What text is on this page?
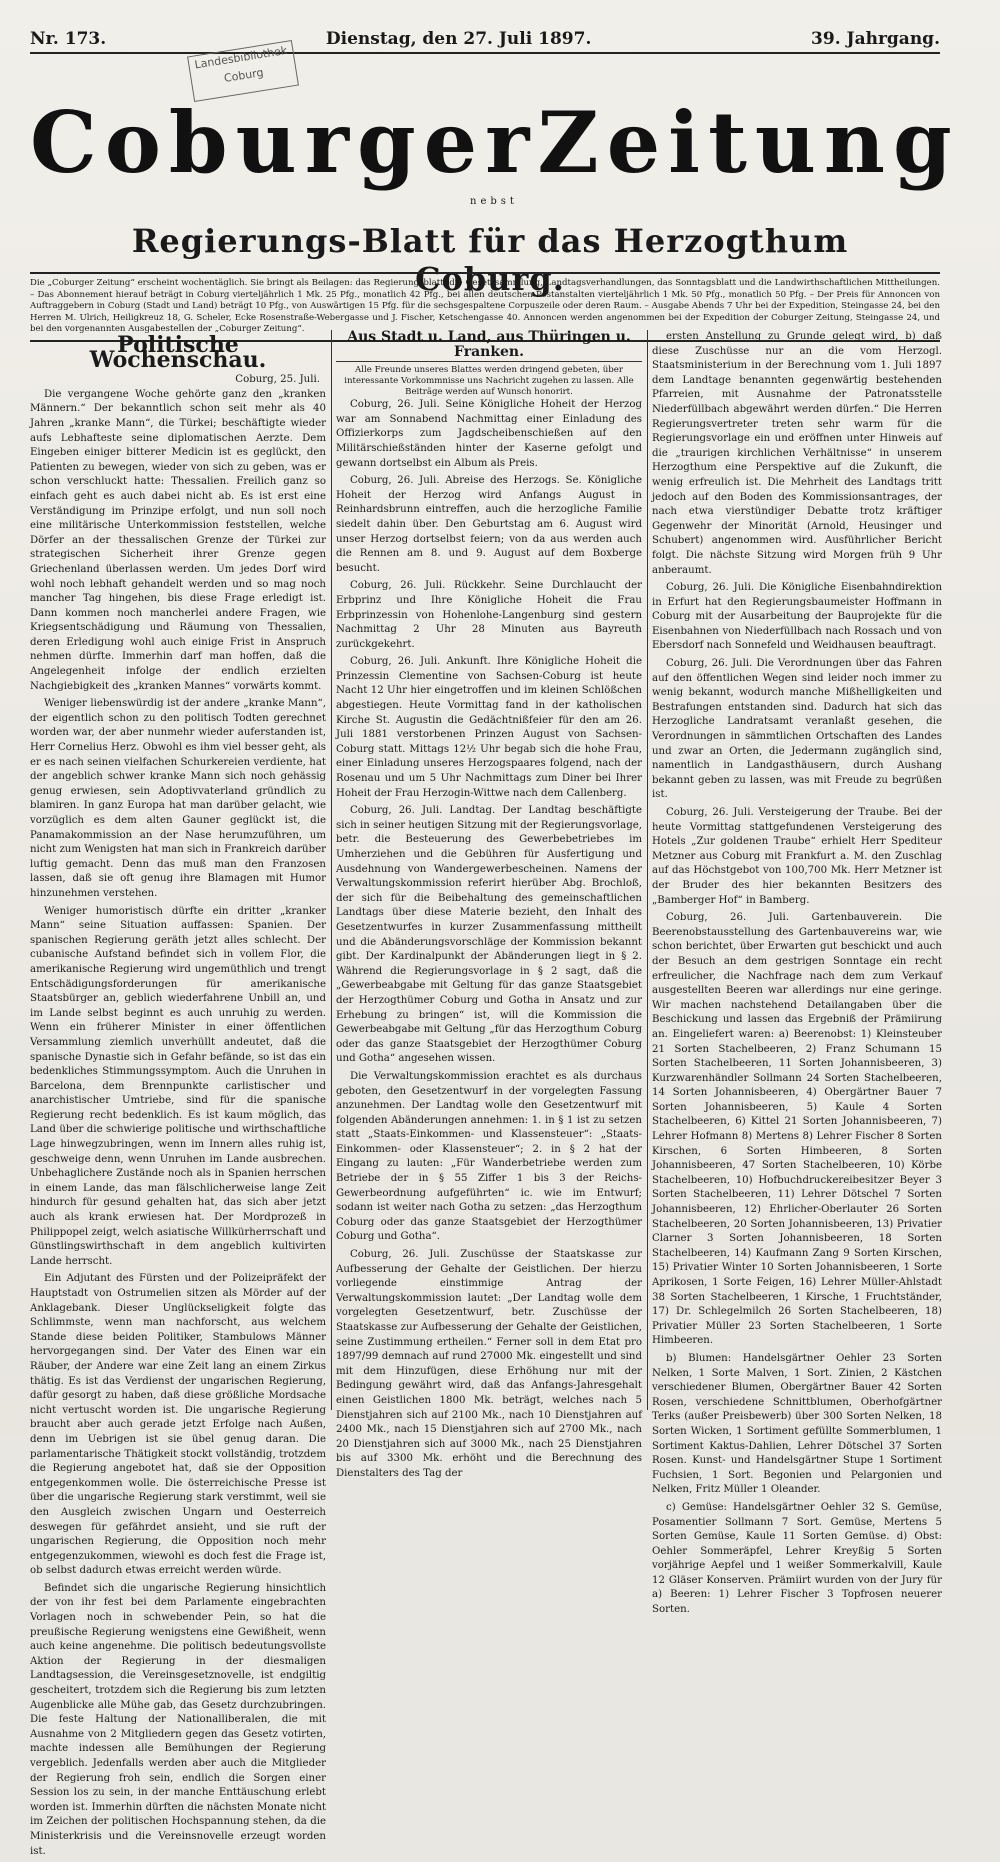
Nr. 173.	Dienstag, den 27. Juli 1897.	39. Jahrgang.
Landesbibliothek
Coburg
Coburger Zeitung
nebst
Regierungs-Blatt für das Herzogthum Coburg.
Die „Coburger Zeitung“ erscheint wochentäglich. Sie bringt als Beilagen: das Regierungsblatt, die Gesetzsammlung, Landtagsverhandlungen, das Sonntagsblatt und die Landwirthschaftlichen Mittheilungen. – Das Abonnement hierauf beträgt in Coburg vierteljährlich 1 Mk. 25 Pfg., monatlich 42 Pfg., bei allen deutschen Postanstalten vierteljährlich 1 Mk. 50 Pfg., monatlich 50 Pfg. – Der Preis für Annoncen von Auftraggebern in Coburg (Stadt und Land) beträgt 10 Pfg., von Auswärtigen 15 Pfg. für die sechsgespaltene Corpuszeile oder deren Raum. – Ausgabe Abends 7 Uhr bei der Expedition, Steingasse 24, bei den Herren M. Ulrich, Heiligkreuz 18, G. Scheler, Ecke Rosenstraße-Webergasse und J. Fischer, Ketschengasse 40. Annoncen werden angenommen bei der Expedition der Coburger Zeitung, Steingasse 24, und bei den vorgenannten Ausgabestellen der „Coburger Zeitung“.
Politische Wochenschau.
Coburg, 25. Juli.

Die vergangene Woche gehörte ganz den „kranken Männern.“ Der bekanntlich schon seit mehr als 40 Jahren „kranke Mann“, die Türkei; beschäftigte wieder aufs Lebhafteste seine diplomatischen Aerzte. Dem Eingeben einiger bitterer Medicin ist es geglückt, den Patienten zu bewegen, wieder von sich zu geben, was er schon verschluckt hatte: Thessalien. Freilich ganz so einfach geht es auch dabei nicht ab. Es ist erst eine Verständigung im Prinzipe erfolgt, und nun soll noch eine militärische Unterkommission feststellen, welche Dörfer an der thessalischen Grenze der Türkei zur strategischen Sicherheit ihrer Grenze gegen Griechenland überlassen werden. Um jedes Dorf wird wohl noch lebhaft gehandelt werden und so mag noch mancher Tag hingehen, bis diese Frage erledigt ist. Dann kommen noch mancherlei andere Fragen, wie Kriegsentschädigung und Räumung von Thessalien, deren Erledigung wohl auch einige Frist in Anspruch nehmen dürfte. Immerhin darf man hoffen, daß die Angelegenheit infolge der endlich erzielten Nachgiebigkeit des „kranken Mannes“ vorwärts kommt.

Weniger liebenswürdig ist der andere „kranke Mann“, der eigentlich schon zu den politisch Todten gerechnet worden war, der aber nunmehr wieder auferstanden ist, Herr Cornelius Herz. Obwohl es ihm viel besser geht, als er es nach seinen vielfachen Schurkereien verdiente, hat der angeblich schwer kranke Mann sich noch gehässig genug erwiesen, sein Adoptivvaterland gründlich zu blamiren. In ganz Europa hat man darüber gelacht, wie vorzüglich es dem alten Gauner geglückt ist, die Panamakommission an der Nase herumzuführen, um nicht zum Wenigsten hat man sich in Frankreich darüber luftig gemacht. Denn das muß man den Franzosen lassen, daß sie oft genug ihre Blamagen mit Humor hinzunehmen verstehen.

Weniger humoristisch dürfte ein dritter „kranker Mann“ seine Situation auffassen: Spanien. Der spanischen Regierung geräth jetzt alles schlecht. Der cubanische Aufstand befindet sich in vollem Flor, die amerikanische Regierung wird ungemüthlich und trengt Entschädigungsforderungen für amerikanische Staatsbürger an, geblich wiederfahrene Unbill an, und im Lande selbst beginnt es auch unruhig zu werden. Wenn ein früherer Minister in einer öffentlichen Versammlung ziemlich unverhüllt andeutet, daß die spanische Dynastie sich in Gefahr befände, so ist das ein bedenkliches Stimmungssymptom. Auch die Unruhen in Barcelona, dem Brennpunkte carlistischer und anarchistischer Umtriebe, sind für die spanische Regierung recht bedenklich. Es ist kaum möglich, das Land über die schwierige politische und wirthschaftliche Lage hinwegzubringen, wenn im Innern alles ruhig ist, geschweige denn, wenn Unruhen im Lande ausbrechen. Unbehaglichere Zustände noch als in Spanien herrschen in einem Lande, das man fälschlicherweise lange Zeit hindurch für gesund gehalten hat, das sich aber jetzt auch als krank erwiesen hat. Der Mordprozeß in Philippopel zeigt, welch asiatische Willkürherrschaft und Günstlingswirthschaft in dem angeblich kultivirten Lande herrscht.

Ein Adjutant des Fürsten und der Polizeipräfekt der Hauptstadt von Ostrumelien sitzen als Mörder auf der Anklagebank. Dieser Unglückseligkeit folgte das Schlimmste, wenn man nachforscht, aus welchem Stande diese beiden Politiker, Stambulows Männer hervorgegangen sind. Der Vater des Einen war ein Räuber, der Andere war eine Zeit lang an einem Zirkus thätig. Es ist das Verdienst der ungarischen Regierung, dafür gesorgt zu haben, daß diese größliche Mordsache nicht vertuscht worden ist. Die ungarische Regierung braucht aber auch gerade jetzt Erfolge nach Außen, denn im Uebrigen ist sie übel genug daran. Die parlamentarische Thätigkeit stockt vollständig, trotzdem die Regierung angebotet hat, daß sie der Opposition entgegenkommen wolle. Die österreichische Presse ist über die ungarische Regierung stark verstimmt, weil sie den Ausgleich zwischen Ungarn und Oesterreich deswegen für gefährdet ansieht, und sie ruft der ungarischen Regierung, die Opposition noch mehr entgegenzukommen, wiewohl es doch fest die Frage ist, ob selbst dadurch etwas erreicht werden würde.

Befindet sich die ungarische Regierung hinsichtlich der von ihr fest bei dem Parlamente eingebrachten Vorlagen noch in schwebender Pein, so hat die preußische Regierung wenigstens eine Gewißheit, wenn auch keine angenehme. Die politisch bedeutungsvollste Aktion der Regierung in der diesmaligen Landtagsession, die Vereinsgesetznovelle, ist endgiltig gescheitert, trotzdem sich die Regierung bis zum letzten Augenblicke alle Mühe gab, das Gesetz durchzubringen. Die feste Haltung der Nationalliberalen, die mit Ausnahme von 2 Mitgliedern gegen das Gesetz votirten, machte indessen alle Bemühungen der Regierung vergeblich. Jedenfalls werden aber auch die Mitglieder der Regierung froh sein, endlich die Sorgen einer Session los zu sein, in der manche Enttäuschung erlebt worden ist. Immerhin dürften die nächsten Monate nicht im Zeichen der politischen Hochspannung stehen, da die Ministerkrisis und die Vereinsnovelle erzeugt worden ist.

Aus Stadt u. Land, aus Thüringen u. Franken.
Alle Freunde unseres Blattes werden dringend gebeten, über interessante Vorkommnisse uns Nachricht zugehen zu lassen. Alle Beiträge werden auf Wunsch honorirt.

Coburg, 26. Juli. Seine Königliche Hoheit der Herzog war am Sonnabend Nachmittag einer Einladung des Offizierkorps zum Jagdscheibenschießen auf den Militärschießständen hinter der Kaserne gefolgt und gewann dortselbst ein Album als Preis.

Coburg, 26. Juli. Abreise des Herzogs. Se. Königliche Hoheit der Herzog wird Anfangs August in Reinhardsbrunn eintreffen, auch die herzogliche Familie siedelt dahin über. Den Geburtstag am 6. August wird unser Herzog dortselbst feiern; von da aus werden auch die Rennen am 8. und 9. August auf dem Boxberge besucht.

Coburg, 26. Juli. Rückkehr. Seine Durchlaucht der Erbprinz und Ihre Königliche Hoheit die Frau Erbprinzessin von Hohenlohe-Langenburg sind gestern Nachmittag 2 Uhr 28 Minuten aus Bayreuth zurückgekehrt.

Coburg, 26. Juli. Ankunft. Ihre Königliche Hoheit die Prinzessin Clementine von Sachsen-Coburg ist heute Nacht 12 Uhr hier eingetroffen und im kleinen Schlößchen abgestiegen. Heute Vormittag fand in der katholischen Kirche St. Augustin die Gedächtnißfeier für den am 26. Juli 1881 verstorbenen Prinzen August von Sachsen-Coburg statt. Mittags 12½ Uhr begab sich die hohe Frau, einer Einladung unseres Herzogspaares folgend, nach der Rosenau und um 5 Uhr Nachmittags zum Diner bei Ihrer Hoheit der Frau Herzogin-Wittwe nach dem Callenberg.

Coburg, 26. Juli. Landtag. Der Landtag beschäftigte sich in seiner heutigen Sitzung mit der Regierungsvorlage, betr. die Besteuerung des Gewerbebetriebes im Umherziehen und die Gebühren für Ausfertigung und Ausdehnung von Wandergewerbescheinen. Namens der Verwaltungskommission referirt hierüber Abg. Brochloß, der sich für die Beibehaltung des gemeinschaftlichen Landtags über diese Materie bezieht, den Inhalt des Gesetzentwurfes in kurzer Zusammenfassung mittheilt und die Abänderungsvorschläge der Kommission bekannt gibt. Der Kardinalpunkt der Abänderungen liegt in § 2. Während die Regierungsvorlage in § 2 sagt, daß die „Gewerbeabgabe mit Geltung für das ganze Staatsgebiet der Herzogthümer Coburg und Gotha in Ansatz und zur Erhebung zu bringen“ ist, will die Kommission die Gewerbeabgabe mit Geltung „für das Herzogthum Coburg oder das ganze Staatsgebiet der Herzogthümer Coburg und Gotha“ angesehen wissen.

Die Verwaltungskommission erachtet es als durchaus geboten, den Gesetzentwurf in der vorgelegten Fassung anzunehmen. Der Landtag wolle den Gesetzentwurf mit folgenden Abänderungen annehmen: 1. in § 1 ist zu setzen statt „Staats-Einkommen- und Klassensteuer“: „Staats-Einkommen- oder Klassensteuer“; 2. in § 2 hat der Eingang zu lauten: „Für Wanderbetriebe werden zum Betriebe der in § 55 Ziffer 1 bis 3 der Reichs-Gewerbeordnung aufgeführten“ ic. wie im Entwurf; sodann ist weiter nach Gotha zu setzen: „das Herzogthum Coburg oder das ganze Staatsgebiet der Herzogthümer Coburg und Gotha“.

Coburg, 26. Juli. Zuschüsse der Staatskasse zur Aufbesserung der Gehalte der Geistlichen. Der hierzu vorliegende einstimmige Antrag der Verwaltungskommission lautet: „Der Landtag wolle dem vorgelegten Gesetzentwurf, betr. Zuschüsse der Staatskasse zur Aufbesserung der Gehalte der Geistlichen, seine Zustimmung ertheilen.“ Ferner soll in dem Etat pro 1897/99 demnach auf rund 27000 Mk. eingestellt und sind mit dem Hinzufügen, diese Erhöhung nur mit der Bedingung gewährt wird, daß das Anfangs-Jahresgehalt einen Geistlichen 1800 Mk. beträgt, welches nach 5 Dienstjahren sich auf 2100 Mk., nach 10 Dienstjahren auf 2400 Mk., nach 15 Dienstjahren sich auf 2700 Mk., nach 20 Dienstjahren sich auf 3000 Mk., nach 25 Dienstjahren bis auf 3300 Mk. erhöht und die Berechnung des Dienstalters des Tag der

ersten Anstellung zu Grunde gelegt wird, b) daß diese Zuschüsse nur an die vom Herzogl. Staatsministerium in der Berechnung vom 1. Juli 1897 dem Landtage benannten gegenwärtig bestehenden Pfarreien, mit Ausnahme der Patronatsstelle Niederfüllbach abgewährt werden dürfen.“ Die Herren Regierungsvertreter treten sehr warm für die Regierungsvorlage ein und eröffnen unter Hinweis auf die „traurigen kirchlichen Verhältnisse“ in unserem Herzogthum eine Perspektive auf die Zukunft, die wenig erfreulich ist. Die Mehrheit des Landtags tritt jedoch auf den Boden des Kommissionsantrages, der nach etwa vierstündiger Debatte trotz kräftiger Gegenwehr der Minorität (Arnold, Heusinger und Schubert) angenommen wird. Ausführlicher Bericht folgt. Die nächste Sitzung wird Morgen früh 9 Uhr anberaumt.

Coburg, 26. Juli. Die Königliche Eisenbahndirektion in Erfurt hat den Regierungsbaumeister Hoffmann in Coburg mit der Ausarbeitung der Bauprojekte für die Eisenbahnen von Niederfüllbach nach Rossach und von Ebersdorf nach Sonnefeld und Weidhausen beauftragt.

Coburg, 26. Juli. Die Verordnungen über das Fahren auf den öffentlichen Wegen sind leider noch immer zu wenig bekannt, wodurch manche Mißhelligkeiten und Bestrafungen entstanden sind. Dadurch hat sich das Herzogliche Landratsamt veranlaßt gesehen, die Verordnungen in sämmtlichen Ortschaften des Landes und zwar an Orten, die Jedermann zugänglich sind, namentlich in Landgasthäusern, durch Aushang bekannt geben zu lassen, was mit Freude zu begrüßen ist.

Coburg, 26. Juli. Versteigerung der Traube. Bei der heute Vormittag stattgefundenen Versteigerung des Hotels „Zur goldenen Traube“ erhielt Herr Spediteur Metzner aus Coburg mit Frankfurt a. M. den Zuschlag auf das Höchstgebot von 100,700 Mk. Herr Metzner ist der Bruder des hier bekannten Besitzers des „Bamberger Hof“ in Bamberg.

Coburg, 26. Juli. Gartenbauverein. Die Beerenobstausstellung des Gartenbauvereins war, wie schon berichtet, über Erwarten gut beschickt und auch der Besuch an dem gestrigen Sonntage ein recht erfreulicher, die Nachfrage nach dem zum Verkauf ausgestellten Beeren war allerdings nur eine geringe. Wir machen nachstehend Detailangaben über die Beschickung und lassen das Ergebniß der Prämiirung an. Eingeliefert waren: a) Beerenobst: 1) Kleinsteuber 21 Sorten Stachelbeeren, 2) Franz Schumann 15 Sorten Stachelbeeren, 11 Sorten Johannisbeeren, 3) Kurzwarenhändler Sollmann 24 Sorten Stachelbeeren, 14 Sorten Johannisbeeren, 4) Obergärtner Bauer 7 Sorten Johannisbeeren, 5) Kaule 4 Sorten Stachelbeeren, 6) Kittel 21 Sorten Johannisbeeren, 7) Lehrer Hofmann 8) Mertens 8) Lehrer Fischer 8 Sorten Kirschen, 6 Sorten Himbeeren, 8 Sorten Johannisbeeren, 47 Sorten Stachelbeeren, 10) Körbe Stachelbeeren, 10) Hofbuchdruckereibesitzer Beyer 3 Sorten Stachelbeeren, 11) Lehrer Dötschel 7 Sorten Johannisbeeren, 12) Ehrlicher-Oberlauter 26 Sorten Stachelbeeren, 20 Sorten Johannisbeeren, 13) Privatier Clarner 3 Sorten Johannisbeeren, 18 Sorten Stachelbeeren, 14) Kaufmann Zang 9 Sorten Kirschen, 15) Privatier Winter 10 Sorten Johannisbeeren, 1 Sorte Aprikosen, 1 Sorte Feigen, 16) Lehrer Müller-Ahlstadt 38 Sorten Stachelbeeren, 1 Kirsche, 1 Fruchtständer, 17) Dr. Schlegelmilch 26 Sorten Stachelbeeren, 18) Privatier Müller 23 Sorten Stachelbeeren, 1 Sorte Himbeeren.

b) Blumen: Handelsgärtner Oehler 23 Sorten Nelken, 1 Sorte Malven, 1 Sort. Zinien, 2 Kästchen verschiedener Blumen, Obergärtner Bauer 42 Sorten Rosen, verschiedene Schnittblumen, Oberhofgärtner Terks (außer Preisbewerb) über 300 Sorten Nelken, 18 Sorten Wicken, 1 Sortiment gefüllte Sommerblumen, 1 Sortiment Kaktus-Dahlien, Lehrer Dötschel 37 Sorten Rosen. Kunst- und Handelsgärtner Stupe 1 Sortiment Fuchsien, 1 Sort. Begonien und Pelargonien und Nelken, Fritz Müller 1 Oleander.

c) Gemüse: Handelsgärtner Oehler 32 S. Gemüse, Posamentier Sollmann 7 Sort. Gemüse, Mertens 5 Sorten Gemüse, Kaule 11 Sorten Gemüse. d) Obst: Oehler Sommeräpfel, Lehrer Kreyßig 5 Sorten vorjährige Aepfel und 1 weißer Sommerkalvill, Kaule 12 Gläser Konserven. Prämiirt wurden von der Jury für a) Beeren: 1) Lehrer Fischer 3 Topfrosen neuerer Sorten.
